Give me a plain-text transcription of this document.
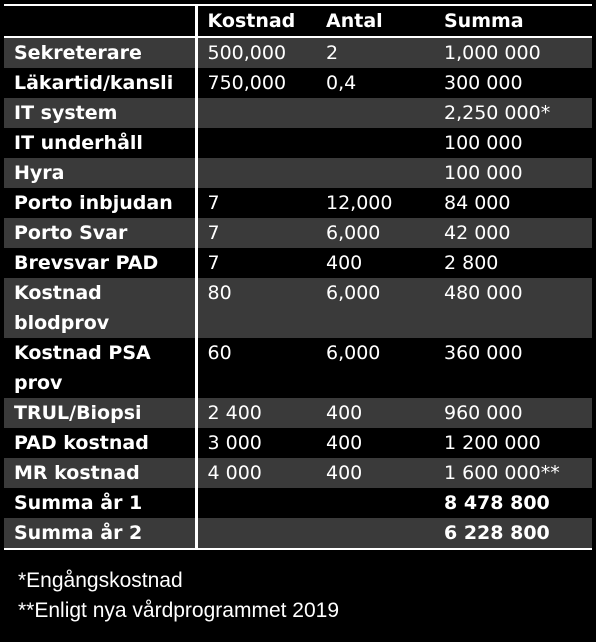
	Kostnad	Antal	Summa
Sekreterare	500,000	2	1,000 000
Läkartid/kansli	750,000	0,4	300 000
IT system			2,250 000*
IT underhåll			100 000
Hyra			100 000
Porto inbjudan	7	12,000	84 000
Porto Svar	7	6,000	42 000
Brevsvar PAD	7	400	2 800
Kostnad blodprov	80	6,000	480 000
Kostnad PSA prov	60	6,000	360 000
TRUL/Biopsi	2 400	400	960 000
PAD kostnad	3 000	400	1 200 000
MR kostnad	4 000	400	1 600 000**
Summa år 1			8 478 800
Summa år 2			6 228 800
*Engångskostnad
**Enligt nya vårdprogrammet 2019
